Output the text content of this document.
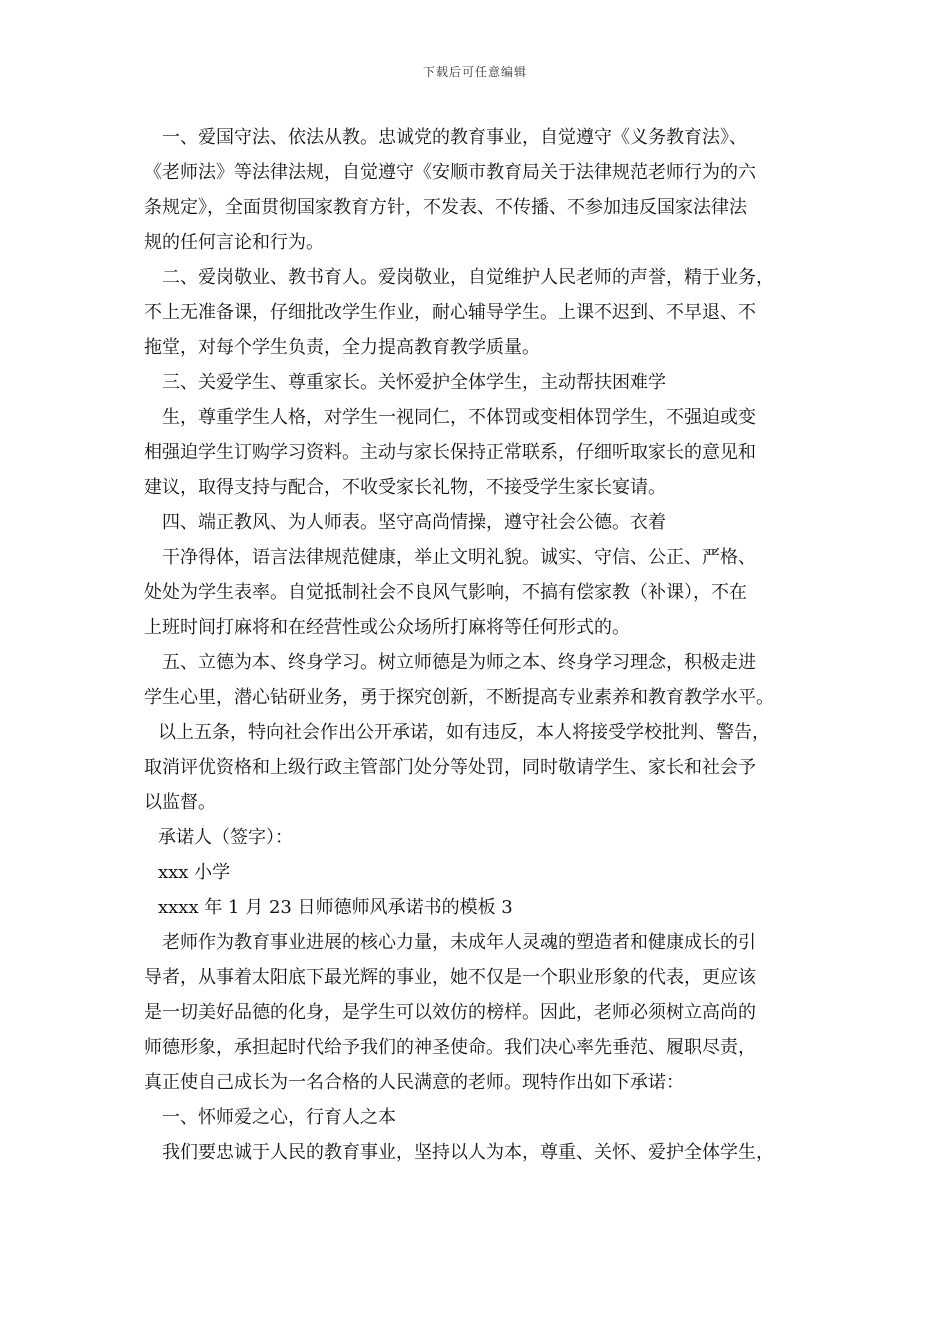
下载后可任意编辑
一、爱国守法、依法从教。忠诚党的教育事业，自觉遵守《义务教育法》、
《老师法》等法律法规，自觉遵守《安顺市教育局关于法律规范老师行为的六
条规定》，全面贯彻国家教育方针，不发表、不传播、不参加违反国家法律法
规的任何言论和行为。
二、爱岗敬业、教书育人。爱岗敬业，自觉维护人民老师的声誉，精于业务，
不上无准备课，仔细批改学生作业，耐心辅导学生。上课不迟到、不早退、不
拖堂，对每个学生负责，全力提高教育教学质量。
三、关爱学生、尊重家长。关怀爱护全体学生，主动帮扶困难学
生，尊重学生人格，对学生一视同仁，不体罚或变相体罚学生，不强迫或变
相强迫学生订购学习资料。主动与家长保持正常联系，仔细听取家长的意见和
建议，取得支持与配合，不收受家长礼物，不接受学生家长宴请。
四、端正教风、为人师表。坚守高尚情操，遵守社会公德。衣着
干净得体，语言法律规范健康，举止文明礼貌。诚实、守信、公正、严格、
处处为学生表率。自觉抵制社会不良风气影响，不搞有偿家教（补课），不在
上班时间打麻将和在经营性或公众场所打麻将等任何形式的。
五、立德为本、终身学习。树立师德是为师之本、终身学习理念，积极走进
学生心里，潜心钻研业务，勇于探究创新，不断提高专业素养和教育教学水平。
以上五条，特向社会作出公开承诺，如有违反，本人将接受学校批判、警告，
取消评优资格和上级行政主管部门处分等处罚，同时敬请学生、家长和社会予
以监督。
承诺人（签字）：
xxx 小学
xxxx 年 1 月 23 日师德师风承诺书的模板 3
老师作为教育事业进展的核心力量，未成年人灵魂的塑造者和健康成长的引
导者，从事着太阳底下最光辉的事业，她不仅是一个职业形象的代表，更应该
是一切美好品德的化身，是学生可以效仿的榜样。因此，老师必须树立高尚的
师德形象，承担起时代给予我们的神圣使命。我们决心率先垂范、履职尽责，
真正使自己成长为一名合格的人民满意的老师。现特作出如下承诺：
一、怀师爱之心，行育人之本
我们要忠诚于人民的教育事业，坚持以人为本，尊重、关怀、爱护全体学生，
